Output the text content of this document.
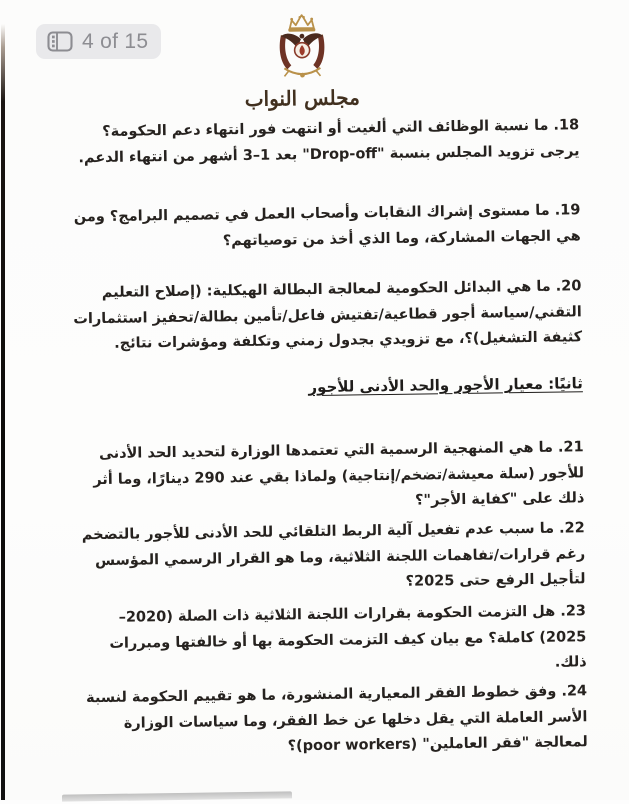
مجلس النواب

18. ما نسبة الوظائف التي ألغيت أو انتهت فور انتهاء دعم الحكومة؟ يرجى تزويد المجلس بنسبة "Drop-off" بعد 1–3 أشهر من انتهاء الدعم.

19. ما مستوى إشراك النقابات وأصحاب العمل في تصميم البرامج؟ ومن هي الجهات المشاركة، وما الذي أخذ من توصياتهم؟

20. ما هي البدائل الحكومية لمعالجة البطالة الهيكلية: (إصلاح التعليم التقني/سياسة أجور قطاعية/تفتيش فاعل/تأمين بطالة/تحفيز استثمارات كثيفة التشغيل)؟، مع تزويدي بجدول زمني وتكلفة ومؤشرات نتائج.

ثانيًا: معيار الأجور والحد الأدنى للأجور

21. ما هي المنهجية الرسمية التي تعتمدها الوزارة لتحديد الحد الأدنى للأجور (سلة معيشة/تضخم/إنتاجية) ولماذا بقي عند 290 دينارًا، وما أثر ذلك على "كفاية الأجر"؟

22. ما سبب عدم تفعيل آلية الربط التلقائي للحد الأدنى للأجور بالتضخم رغم قرارات/تفاهمات اللجنة الثلاثية، وما هو القرار الرسمي المؤسس لتأجيل الرفع حتى 2025؟

23. هل التزمت الحكومة بقرارات اللجنة الثلاثية ذات الصلة (2020–2025) كاملة؟ مع بيان كيف التزمت الحكومة بها أو خالفتها ومبررات ذلك.

24. وفق خطوط الفقر المعيارية المنشورة، ما هو تقييم الحكومة لنسبة الأسر العاملة التي يقل دخلها عن خط الفقر، وما سياسات الوزارة لمعالجة "فقر العاملين" (poor workers)؟

4 of 15
